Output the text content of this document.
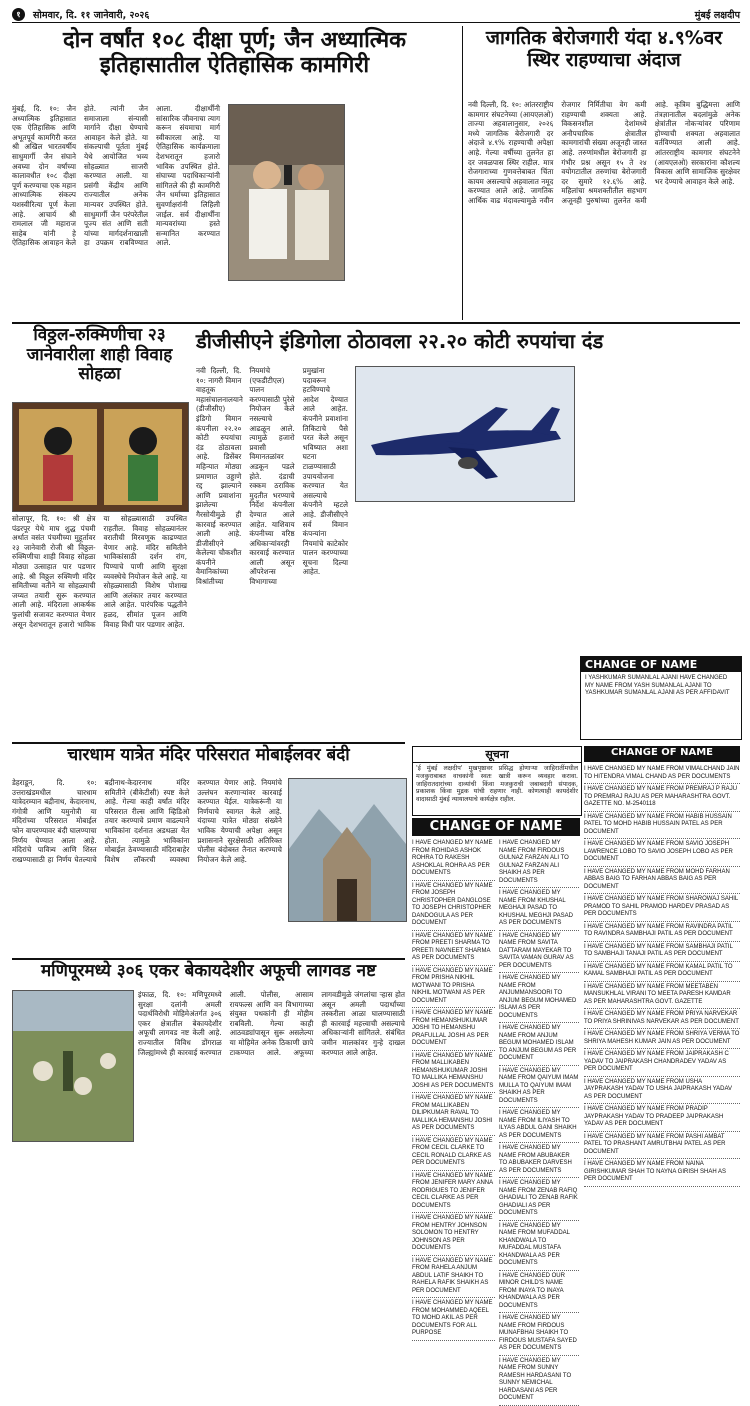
१	सोमवार, दि. ११ जानेवारी, २०२६	मुंबई लक्षदीप
दोन वर्षांत १०८ दीक्षा पूर्ण; जैन अध्यात्मिक इतिहासातील ऐतिहासिक कामगिरी
मुंबई, दि. १०: जैन अध्यात्मिक इतिहासात एक ऐतिहासिक आणि अभूतपूर्व कामगिरी करत श्री अखिल भारतवर्षीय साधुमार्गी जैन संघाने अवघ्या दोन वर्षांच्या कालावधीत १०८ दीक्षा पूर्ण करण्याचा एक महान आध्यात्मिक संकल्प यशस्वीरित्या पूर्ण केला आहे. आचार्य श्री रामलाल जी महाराज साहेब यांनी हे ऐतिहासिक आवाहन केले होते. त्यांनी जैन समाजाला संन्यासी मार्गाने दीक्षा घेण्याचे आवाहन केले होते. या संकल्पाची पूर्तता मुंबई येथे आयोजित भव्य सोहळ्यात साजरी करण्यात आली. या प्रसंगी केंद्रीय आणि राज्यातील अनेक मान्यवर उपस्थित होते. साधुमार्गी जैन परंपरेतील पूज्य संत आणि सती यांच्या मार्गदर्शनाखाली हा उपक्रम राबविण्यात आला. दीक्षार्थींनी सांसारिक जीवनाचा त्याग करून संयमाचा मार्ग स्वीकारला आहे. या ऐतिहासिक कार्यक्रमाला देशभरातून हजारो भाविक उपस्थित होते. संघाच्या पदाधिकाऱ्यांनी सांगितले की ही कामगिरी जैन धर्माच्या इतिहासात सुवर्णाक्षरांनी लिहिली जाईल. सर्व दीक्षार्थींना मान्यवरांच्या हस्ते सन्मानित करण्यात आले.
जागतिक बेरोजगारी यंदा ४.९%वर स्थिर राहण्याचा अंदाज
नवी दिल्ली, दि. १०: आंतरराष्ट्रीय कामगार संघटनेच्या (आयएलओ) ताज्या अहवालानुसार, २०२६ मध्ये जागतिक बेरोजगारी दर अंदाजे ४.९% राहण्याची अपेक्षा आहे. गेल्या वर्षीच्या तुलनेत हा दर जवळपास स्थिर राहील. मात्र रोजगाराच्या गुणवत्तेबाबत चिंता कायम असल्याचे अहवालात नमूद करण्यात आले आहे. जागतिक आर्थिक वाढ मंदावल्यामुळे नवीन रोजगार निर्मितीचा वेग कमी राहण्याची शक्यता आहे. विकसनशील देशांमध्ये अनौपचारिक क्षेत्रातील कामगारांची संख्या अजूनही जास्त आहे. तरुणांमधील बेरोजगारी हा गंभीर प्रश्न असून १५ ते २४ वयोगटातील तरुणांचा बेरोजगारी दर सुमारे १२.६% आहे. महिलांचा श्रमशक्तीतील सहभाग अजूनही पुरुषांच्या तुलनेत कमी आहे. कृत्रिम बुद्धिमत्ता आणि तंत्रज्ञानातील बदलांमुळे अनेक क्षेत्रांतील नोकऱ्यांवर परिणाम होण्याची शक्यता अहवालात वर्तविण्यात आली आहे. आंतरराष्ट्रीय कामगार संघटनेने (आयएलओ) सरकारांना कौशल्य विकास आणि सामाजिक सुरक्षेवर भर देण्याचे आवाहन केले आहे.
विठ्ठल-रुक्मिणीचा २३ जानेवारीला शाही विवाह सोहळा
सोलापूर, दि. १०: श्री क्षेत्र पंढरपूर येथे माघ शुद्ध पंचमी अर्थात वसंत पंचमीच्या मुहूर्तावर २३ जानेवारी रोजी श्री विठ्ठल-रुक्मिणीचा शाही विवाह सोहळा मोठ्या उत्साहात पार पडणार आहे. श्री विठ्ठल रुक्मिणी मंदिर समितीच्या वतीने या सोहळ्याची जय्यत तयारी सुरू करण्यात आली आहे. मंदिराला आकर्षक फुलांची सजावट करण्यात येणार असून देशभरातून हजारो भाविक या सोहळ्यासाठी उपस्थित राहतील. विवाह सोहळ्यानंतर वरातीची मिरवणूक काढण्यात येणार आहे. मंदिर समितीने भाविकांसाठी दर्शन रांग, पिण्याचे पाणी आणि सुरक्षा व्यवस्थेचे नियोजन केले आहे. या सोहळ्यासाठी विशेष पोशाख आणि अलंकार तयार करण्यात आले आहेत. पारंपरिक पद्धतीने हळद, सीमांत पूजन आणि विवाह विधी पार पडणार आहेत.
डीजीसीएने इंडिगोला ठोठावला २२.२० कोटी रुपयांचा दंड
नवी दिल्ली, दि. १०: नागरी विमान वाहतूक महासंचालनालयाने (डीजीसीए) इंडिगो विमान कंपनीला २२.२० कोटी रुपयांचा दंड ठोठावला आहे. डिसेंबर महिन्यात मोठ्या प्रमाणात उड्डाणे रद्द झाल्याने आणि प्रवाशांना झालेल्या गैरसोयीमुळे ही कारवाई करण्यात आली आहे. डीजीसीएने केलेल्या चौकशीत कंपनीने वैमानिकांच्या विश्रांतीच्या नियमांचे (एफडीटीएल) पालन करण्यासाठी पुरेसे नियोजन केले नसल्याचे आढळून आले. त्यामुळे हजारो प्रवासी विमानतळांवर अडकून पडले होते. दंडाची रक्कम ठराविक मुदतीत भरण्याचे निर्देश कंपनीला देण्यात आले आहेत. याशिवाय कंपनीच्या वरिष्ठ अधिकाऱ्यांवरही कारवाई करण्यात आली असून ऑपरेशन्स विभागाच्या प्रमुखांना पदावरून हटविण्याचे आदेश देण्यात आले आहेत. कंपनीने प्रवाशांना तिकिटाचे पैसे परत केले असून भविष्यात अशा घटना टाळण्यासाठी उपाययोजना करण्यात येत असल्याचे कंपनीने म्हटले आहे. डीजीसीएने सर्व विमान कंपन्यांना नियमांचे काटेकोर पालन करण्याच्या सूचना दिल्या आहेत.
CHANGE OF NAME
I YASHKUMAR SUMANLAL AJANI HAVE CHANGED MY NAME FROM YASH SUMANLAL AJANI TO YASHKUMAR SUMANLAL AJANI AS PER AFFIDAVIT
चारधाम यात्रेत मंदिर परिसरात मोबाईलवर बंदी
डेहराडून, दि. १०: उत्तराखंडमधील चारधाम यात्रेदरम्यान बद्रीनाथ, केदारनाथ, गंगोत्री आणि यमुनोत्री या मंदिरांच्या परिसरात मोबाईल फोन वापरण्यावर बंदी घालण्याचा निर्णय घेण्यात आला आहे. मंदिरांचे पावित्र्य आणि शिस्त राखण्यासाठी हा निर्णय घेतल्याचे बद्रीनाथ-केदारनाथ मंदिर समितीने (बीकेटीसी) स्पष्ट केले आहे. गेल्या काही वर्षांत मंदिर परिसरात रील्स आणि व्हिडिओ तयार करण्याचे प्रमाण वाढल्याने भाविकांना दर्शनात अडथळा येत होता. त्यामुळे भाविकांना मोबाईल ठेवण्यासाठी मंदिराबाहेर विशेष लॉकरची व्यवस्था करण्यात येणार आहे. नियमांचे उल्लंघन करणाऱ्यांवर कारवाई करण्यात येईल. यात्रेकरूंनी या निर्णयाचे स्वागत केले आहे. यंदाच्या यात्रेत मोठ्या संख्येने भाविक येण्याची अपेक्षा असून प्रशासनाने सुरक्षेसाठी अतिरिक्त पोलीस बंदोबस्त तैनात करण्याचे नियोजन केले आहे.
मणिपूरमध्ये ३०६ एकर बेकायदेशीर अफूची लागवड नष्ट
इंफाळ, दि. १०: मणिपूरमध्ये सुरक्षा दलांनी अमली पदार्थविरोधी मोहिमेअंतर्गत ३०६ एकर क्षेत्रातील बेकायदेशीर अफूची लागवड नष्ट केली आहे. राज्यातील विविध डोंगराळ जिल्ह्यांमध्ये ही कारवाई करण्यात आली. पोलीस, आसाम रायफल्स आणि वन विभागाच्या संयुक्त पथकांनी ही मोहीम राबविली. गेल्या काही आठवड्यांपासून सुरू असलेल्या या मोहिमेत अनेक ठिकाणी छापे टाकण्यात आले. अफूच्या लागवडीमुळे जंगलांचा ऱ्हास होत असून अमली पदार्थांच्या तस्करीला आळा घालण्यासाठी ही कारवाई महत्त्वाची असल्याचे अधिकाऱ्यांनी सांगितले. संबंधित जमीन मालकांवर गुन्हे दाखल करण्यात आले आहेत.
सूचना
'ई मुंबई लक्षदीप' मुखपृष्ठावर प्रसिद्ध होणाऱ्या जाहिरातींमधील मजकुराबाबत वाचकांनी स्वतः खात्री करून व्यवहार करावा. जाहिरातदारांच्या दाव्यांची किंवा मजकुराची जबाबदारी संपादक, प्रकाशक किंवा मुद्रक यांची राहणार नाही. कोणत्याही कायदेशीर वादासाठी मुंबई न्यायालयाचे कार्यक्षेत्र राहील.
CHANGE OF NAME
I HAVE CHANGED MY NAME FROM ROHIDAS ASHOK ROHRA TO RAKESH ASHOKLAL ROHRA AS PER DOCUMENTS
I HAVE CHANGED MY NAME FROM JOSEPH CHRISTOPHER DANGLOSE TO JOSEPH CHRISTOPHER DANDOGULA AS PER DOCUMENT
I HAVE CHANGED MY NAME FROM PREETI SHARMA TO PREETI NAVNEET SHARMA AS PER DOCUMENTS
I HAVE CHANGED MY NAME FROM PRISHA NIKHIL MOTWANI TO PRISHA NIKHIL MOTWANI AS PER DOCUMENT
I HAVE CHANGED MY NAME FROM HEMANSHUKUMAR JOSHI TO HEMANSHU PRAFULLAL JOSHI AS PER DOCUMENT
I HAVE CHANGED MY NAME FROM MALLIKABEN HEMANSHUKUMAR JOSHI TO MALLIKA HEMANSHU JOSHI AS PER DOCUMENTS
I HAVE CHANGED MY NAME FROM MALLIKABEN DILIPKUMAR RAVAL TO MALLIKA HEMANSHU JOSHI AS PER DOCUMENTS
I HAVE CHANGED MY NAME FROM CECIL CLARKE TO CECIL RONALD CLARKE AS PER DOCUMENTS
I HAVE CHANGED MY NAME FROM JENIFER MARY ANNA RODRIGUES TO JENIFER CECIL CLARKE AS PER DOCUMENTS
I HAVE CHANGED MY NAME FROM HENTRY JOHNSON SOLOMON TO HENTRY JOHNSON AS PER DOCUMENTS
I HAVE CHANGED MY NAME FROM RAHELA ANJUM ABDUL LATIF SHAIKH TO RAHELA RAFIK SHAIKH AS PER DOCUMENT
I HAVE CHANGED MY NAME FROM MOHAMMED AQEEL TO MOHD AKIL AS PER DOCUMENTS FOR ALL PURPOSE
I HAVE CHANGED MY NAME FROM FIRDOUS GULNAZ FARZAN ALI TO GULNAZ FARZAN ALI SHAIKH AS PER DOCUMENTS
I HAVE CHANGED MY NAME FROM KHUSHAL MEGHAJI PASAD TO KHUSHAL MEGHJI PASAD AS PER DOCUMENTS
I HAVE CHANGED MY NAME FROM SAVITA DATTARAM MAYEKAR TO SAVITA VAMAN GURAV AS PER DOCUMENTS
I HAVE CHANGED MY NAME FROM ANJUMMANSOORI TO ANJUM BEGUM MOHAMED ISLAM AS PER DOCUMENTS
I HAVE CHANGED MY NAME FROM ANJUM BEGUM MOHAMED ISLAM TO ANJUM BEGUM AS PER DOCUMENT
I HAVE CHANGED MY NAME FROM QAIYUM IMAM MULLA TO QAIYUM IMAM SHAIKH AS PER DOCUMENTS
I HAVE CHANGED MY NAME FROM ILIYASH TO ILYAS ABDUL GANI SHAIKH AS PER DOCUMENTS
I HAVE CHANGED MY NAME FROM ABUBAKER TO ABUBAKER DARVESH AS PER DOCUMENTS
I HAVE CHANGED MY NAME FROM ZENAB RAFIQ GHADIALI TO ZENAB RAFIK GHADIALI AS PER DOCUMENTS
I HAVE CHANGED MY NAME FROM MUFADDAL KHANDWALA TO MUFADDAL MUSTAFA KHANDWALA AS PER DOCUMENTS
I HAVE CHANGED OUR MINOR CHILD'S NAME FROM INAYA TO INAYA KHANDWALA AS PER DOCUMENTS
I HAVE CHANGED MY NAME FROM FIRDOUS MUNAFBHAI SHAIKH TO FIRDOUS MUSTAFA SAYED AS PER DOCUMENTS
I HAVE CHANGED MY NAME FROM SUNNY RAMESH HARDASANI TO SUNNY NEMICHAL HARDASANI AS PER DOCUMENT
CHANGE OF NAME
I HAVE CHANGED MY NAME FROM VIMALCHAND JAIN TO HITENDRA VIMAL CHAND AS PER DOCUMENTS
I HAVE CHANGED MY NAME FROM PREMRAJ P RAJU TO PREMRAJ RAJU AS PER MAHARASHTRA GOVT. GAZETTE NO. M-2540118
I HAVE CHANGED MY NAME FROM HABIB HUSSAIN PATEL TO MOHD HABIB HUSSAIN PATEL AS PER DOCUMENT
I HAVE CHANGED MY NAME FROM SAVIO JOSEPH LAWRENCE LOBO TO SAVIO JOSEPH LOBO AS PER DOCUMENT
I HAVE CHANGED MY NAME FROM MOHD FARHAN ABBAS BAIG TO FARHAN ABBAS BAIG AS PER DOCUMENT
I HAVE CHANGED MY NAME FROM SHAROWAJ SAHIL PRAMOD TO SAHIL PRAMOD HARDEV PRASAD AS PER DOCUMENTS
I HAVE CHANGED MY NAME FROM RAVINDRA PATIL TO RAVINDRA SAMBHAJI PATIL AS PER DOCUMENT
I HAVE CHANGED MY NAME FROM SAMBHAJI PATIL TO SAMBHAJI TANAJI PATIL AS PER DOCUMENT
I HAVE CHANGED MY NAME FROM KAMAL PATIL TO KAMAL SAMBHAJI PATIL AS PER DOCUMENT
I HAVE CHANGED MY NAME FROM MEETABEN MANSUKHLAL VIRANI TO MEETA PARESH KAMDAR AS PER MAHARASHTRA GOVT. GAZETTE
I HAVE CHANGED MY NAME FROM PRIYA NARVEKAR TO PRIYA SHRINIVAS NARVEKAR AS PER DOCUMENT
I HAVE CHANGED MY NAME FROM SHRIYA VERMA TO SHRIYA MAHESH KUMAR JAIN AS PER DOCUMENT
I HAVE CHANGED MY NAME FROM JAIPRAKASH C YADAV TO JAIPRAKASH CHANDRADEV YADAV AS PER DOCUMENT
I HAVE CHANGED MY NAME FROM USHA JAYPRAKASH YADAV TO USHA JAIPRAKASH YADAV AS PER DOCUMENT
I HAVE CHANGED MY NAME FROM PRADIP JAYPRAKASH YADAV TO PRADEEP JAIPRAKASH YADAV AS PER DOCUMENT
I HAVE CHANGED MY NAME FROM PASHI AMBAT PATEL TO PRASHANT AMRUTBHAI PATEL AS PER DOCUMENT
I HAVE CHANGED MY NAME FROM NAINA GIRISHKUMAR SHAH TO NAYNA GIRISH SHAH AS PER DOCUMENT
